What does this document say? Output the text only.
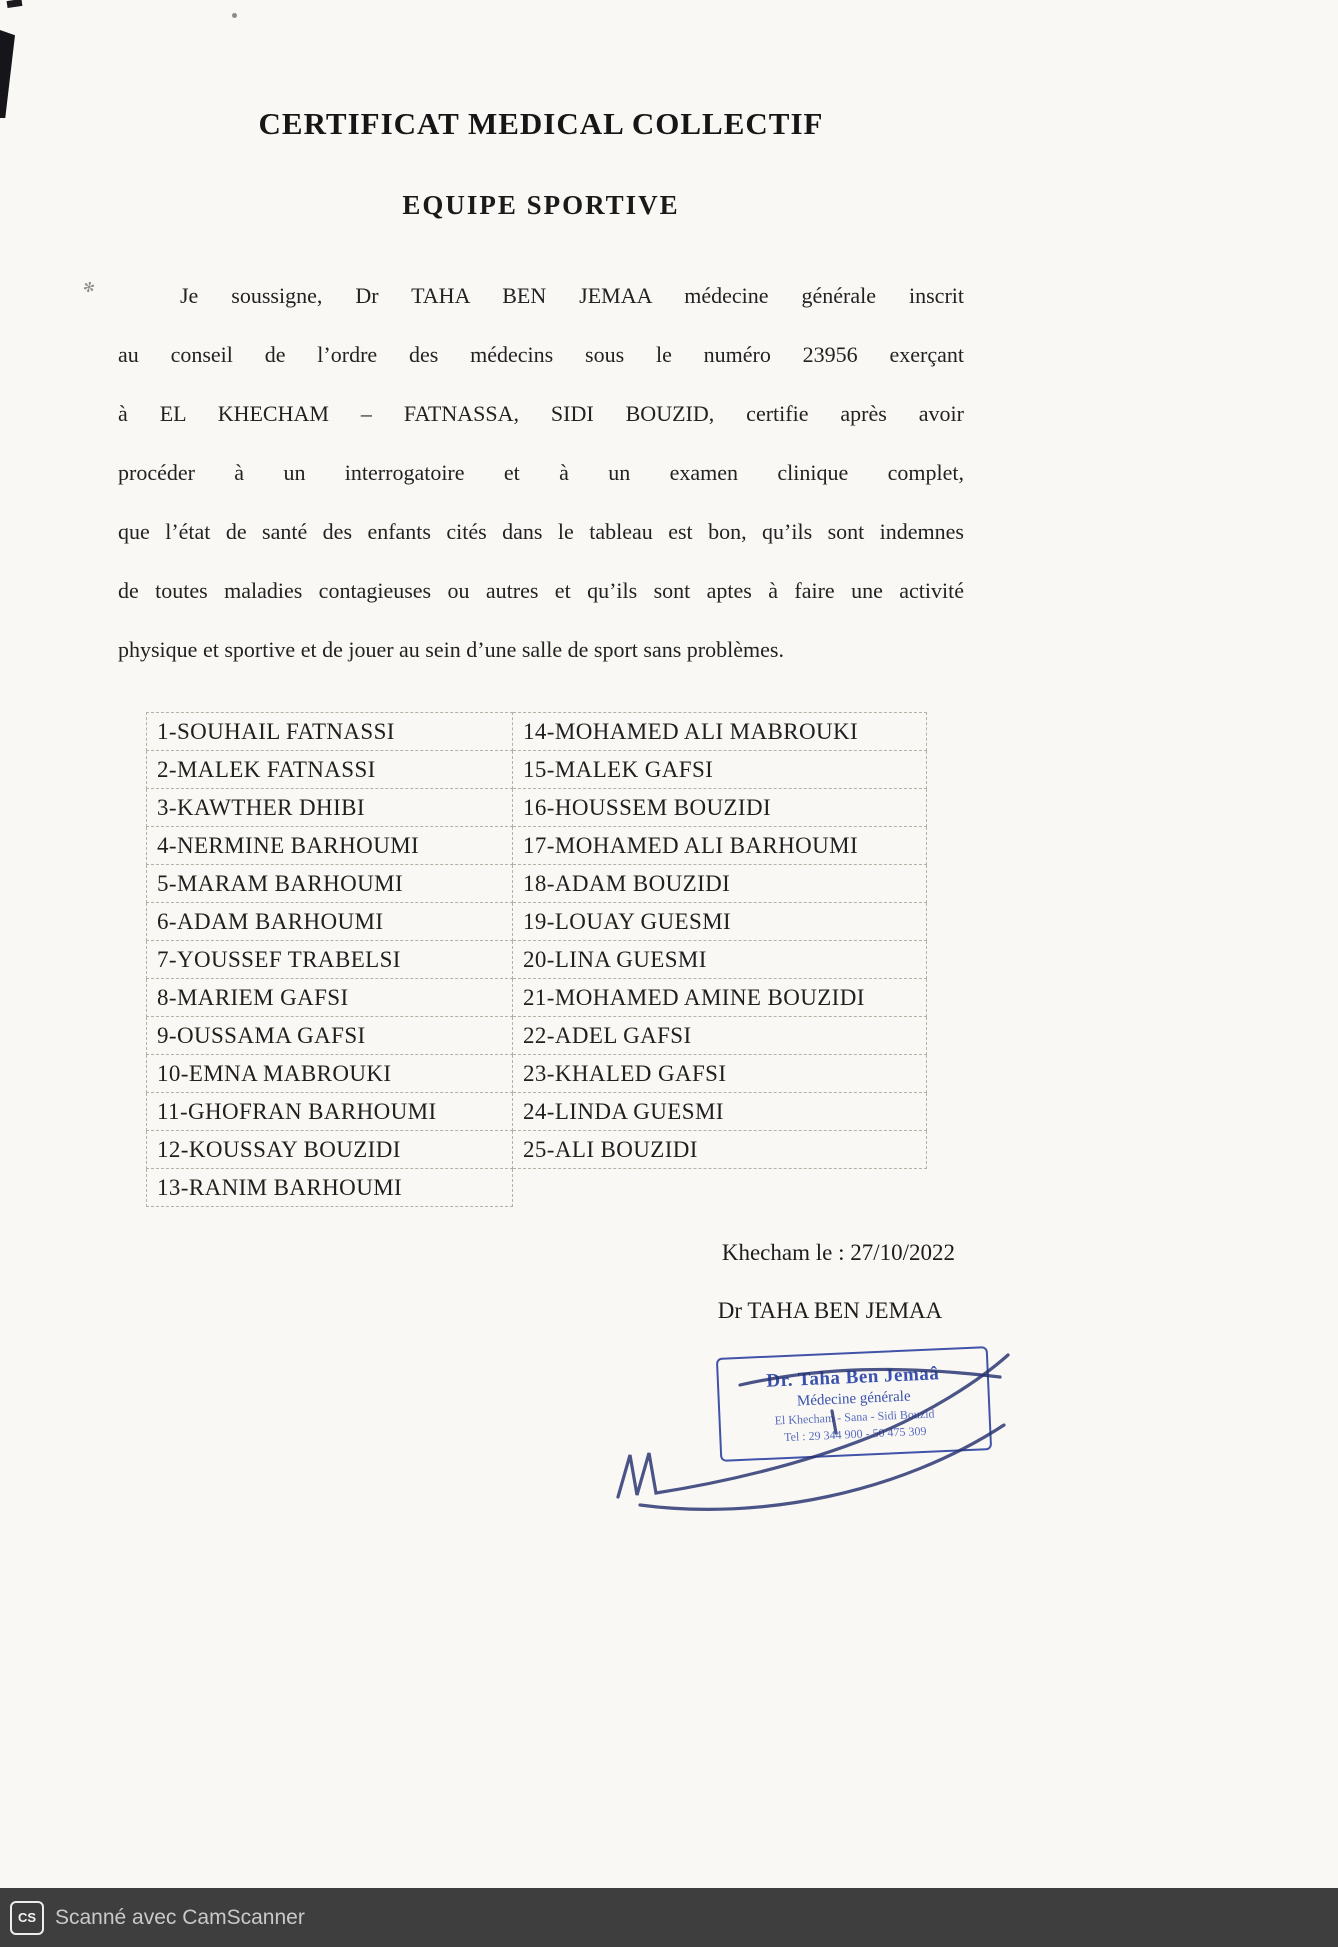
✻
CERTIFICAT MEDICAL COLLECTIF
EQUIPE SPORTIVE
Je soussigne, Dr TAHA BEN JEMAA médecine générale inscrit
au conseil de l’ordre des médecins sous le numéro 23956 exerçant
à EL KHECHAM – FATNASSA, SIDI BOUZID, certifie après avoir
procéder à un interrogatoire et à un examen clinique complet,
que l’état de santé des enfants cités dans le tableau est bon, qu’ils sont indemnes
de toutes maladies contagieuses ou autres et qu’ils sont aptes à faire une activité
physique et sportive et de jouer au sein d’une salle de sport sans problèmes.
1-SOUHAIL FATNASSI	14-MOHAMED ALI MABROUKI
2-MALEK FATNASSI	15-MALEK GAFSI
3-KAWTHER DHIBI	16-HOUSSEM BOUZIDI
4-NERMINE BARHOUMI	17-MOHAMED ALI BARHOUMI
5-MARAM BARHOUMI	18-ADAM BOUZIDI
6-ADAM BARHOUMI	19-LOUAY GUESMI
7-YOUSSEF TRABELSI	20-LINA GUESMI
8-MARIEM GAFSI	21-MOHAMED AMINE BOUZIDI
9-OUSSAMA GAFSI	22-ADEL GAFSI
10-EMNA MABROUKI	23-KHALED GAFSI
11-GHOFRAN BARHOUMI	24-LINDA GUESMI
12-KOUSSAY BOUZIDI	25-ALI BOUZIDI
13-RANIM BARHOUMI	
Khecham le : 27/10/2022
Dr TAHA BEN JEMAA
Dr. Taha Ben Jemaâ
Médecine générale
El Khecham - Sana - Sidi Bouzid
Tel : 29 344 900 - 50 475 309
CS Scanné avec CamScanner
